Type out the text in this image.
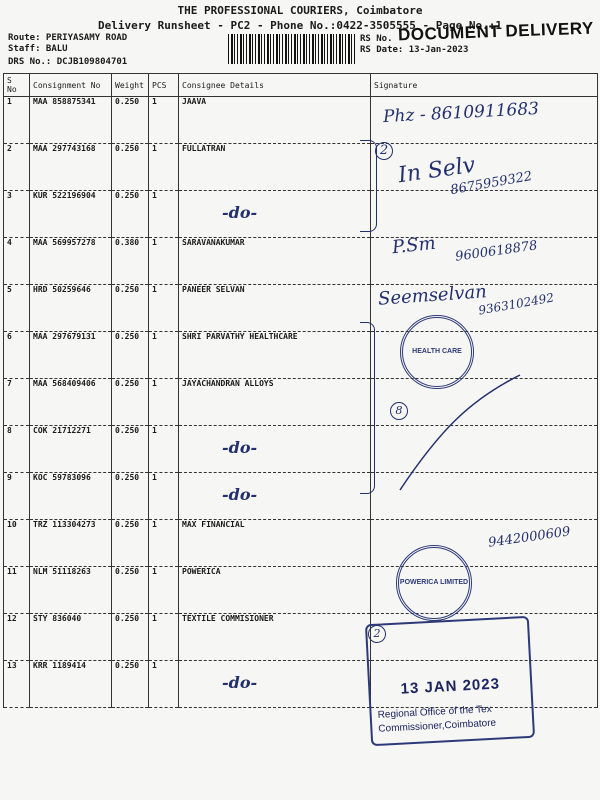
THE PROFESSIONAL COURIERS, Coimbatore
Delivery Runsheet - PC2 - Phone No.:0422-3505555 - Page No.:1
Route: PERIYASAMY ROAD
Staff: BALU
DRS No.: DCJB109804701
RS No.
RS Date: 13-Jan-2023
DOCUMENT DELIVERY
S No	Consignment No	Weight	PCS	Consignee Details	Signature
1	MAA 858875341	0.250	1	JAAVA	
2	MAA 297743168	0.250	1	FULLATRAN	
3	KUR 522196904	0.250	1	-do-	
4	MAA 569957278	0.380	1	SARAVANAKUMAR	
5	HRD 50259646	0.250	1	PANEER SELVAN	
6	MAA 297679131	0.250	1	SHRI PARVATHY HEALTHCARE	
7	MAA 568409406	0.250	1	JAYACHANDRAN ALLOYS	
8	COK 21712271	0.250	1	-do-	
9	KOC 59783096	0.250	1	-do-	
10	TRZ 113304273	0.250	1	MAX FINANCIAL	
11	NLM 51118263	0.250	1	POWERICA	
12	STY 836040	0.250	1	TEXTILE COMMISIONER	
13	KRR 1189414	0.250	1	-do-	
Phz - 8610911683
2
In Selv
8675959322
P.Sm 9600618878
Seemselvan
9363102492
HEALTH CARE
8
9442000609
POWERICA LIMITED
2
13 JAN 2023
Regional Office of the Tex
Commissioner,Coimbatore
